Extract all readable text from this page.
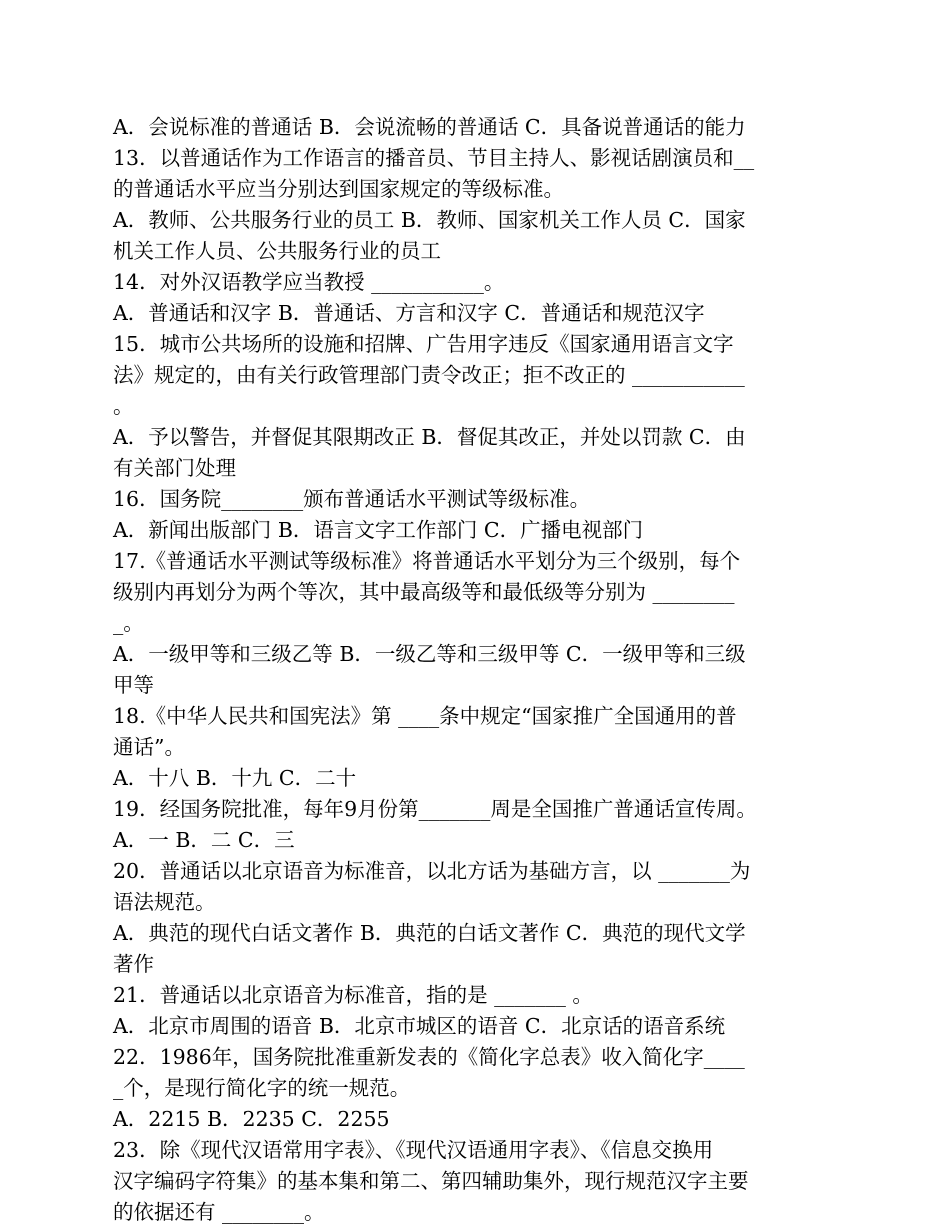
A．会说标准的普通话 B．会说流畅的普通话 C．具备说普通话的能力
13．以普通话作为工作语言的播音员、节目主持人、影视话剧演员和__
的普通话水平应当分别达到国家规定的等级标准。
A．教师、公共服务行业的员工 B．教师、国家机关工作人员 C．国家
机关工作人员、公共服务行业的员工
14．对外汉语教学应当教授 ___________。
A．普通话和汉字 B．普通话、方言和汉字 C．普通话和规范汉字
15．城市公共场所的设施和招牌、广告用字违反《国家通用语言文字
法》规定的，由有关行政管理部门责令改正；拒不改正的 ___________
。
A．予以警告，并督促其限期改正 B．督促其改正，并处以罚款 C．由
有关部门处理
16．国务院________颁布普通话水平测试等级标准。
A．新闻出版部门 B．语言文字工作部门 C．广播电视部门
17.《普通话水平测试等级标准》将普通话水平划分为三个级别，每个
级别内再划分为两个等次，其中最高级等和最低级等分别为 ________
_。
A．一级甲等和三级乙等 B．一级乙等和三级甲等 C．一级甲等和三级
甲等
18.《中华人民共和国宪法》第 ____条中规定“国家推广全国通用的普
通话”。
A．十八 B．十九 C．二十
19．经国务院批准，每年9月份第_______周是全国推广普通话宣传周。
A．一 B．二 C．三
20．普通话以北京语音为标准音，以北方话为基础方言，以 _______为
语法规范。
A．典范的现代白话文著作 B．典范的白话文著作 C．典范的现代文学
著作
21．普通话以北京语音为标准音，指的是 _______ 。
A．北京市周围的语音 B．北京市城区的语音 C．北京话的语音系统
22．1986年，国务院批准重新发表的《简化字总表》收入简化字____
_个，是现行简化字的统一规范。
A．2215 B．2235 C．2255
23．除《现代汉语常用字表》、《现代汉语通用字表》、《信息交换用
汉字编码字符集》的基本集和第二、第四辅助集外，现行规范汉字主要
的依据还有 ________。
